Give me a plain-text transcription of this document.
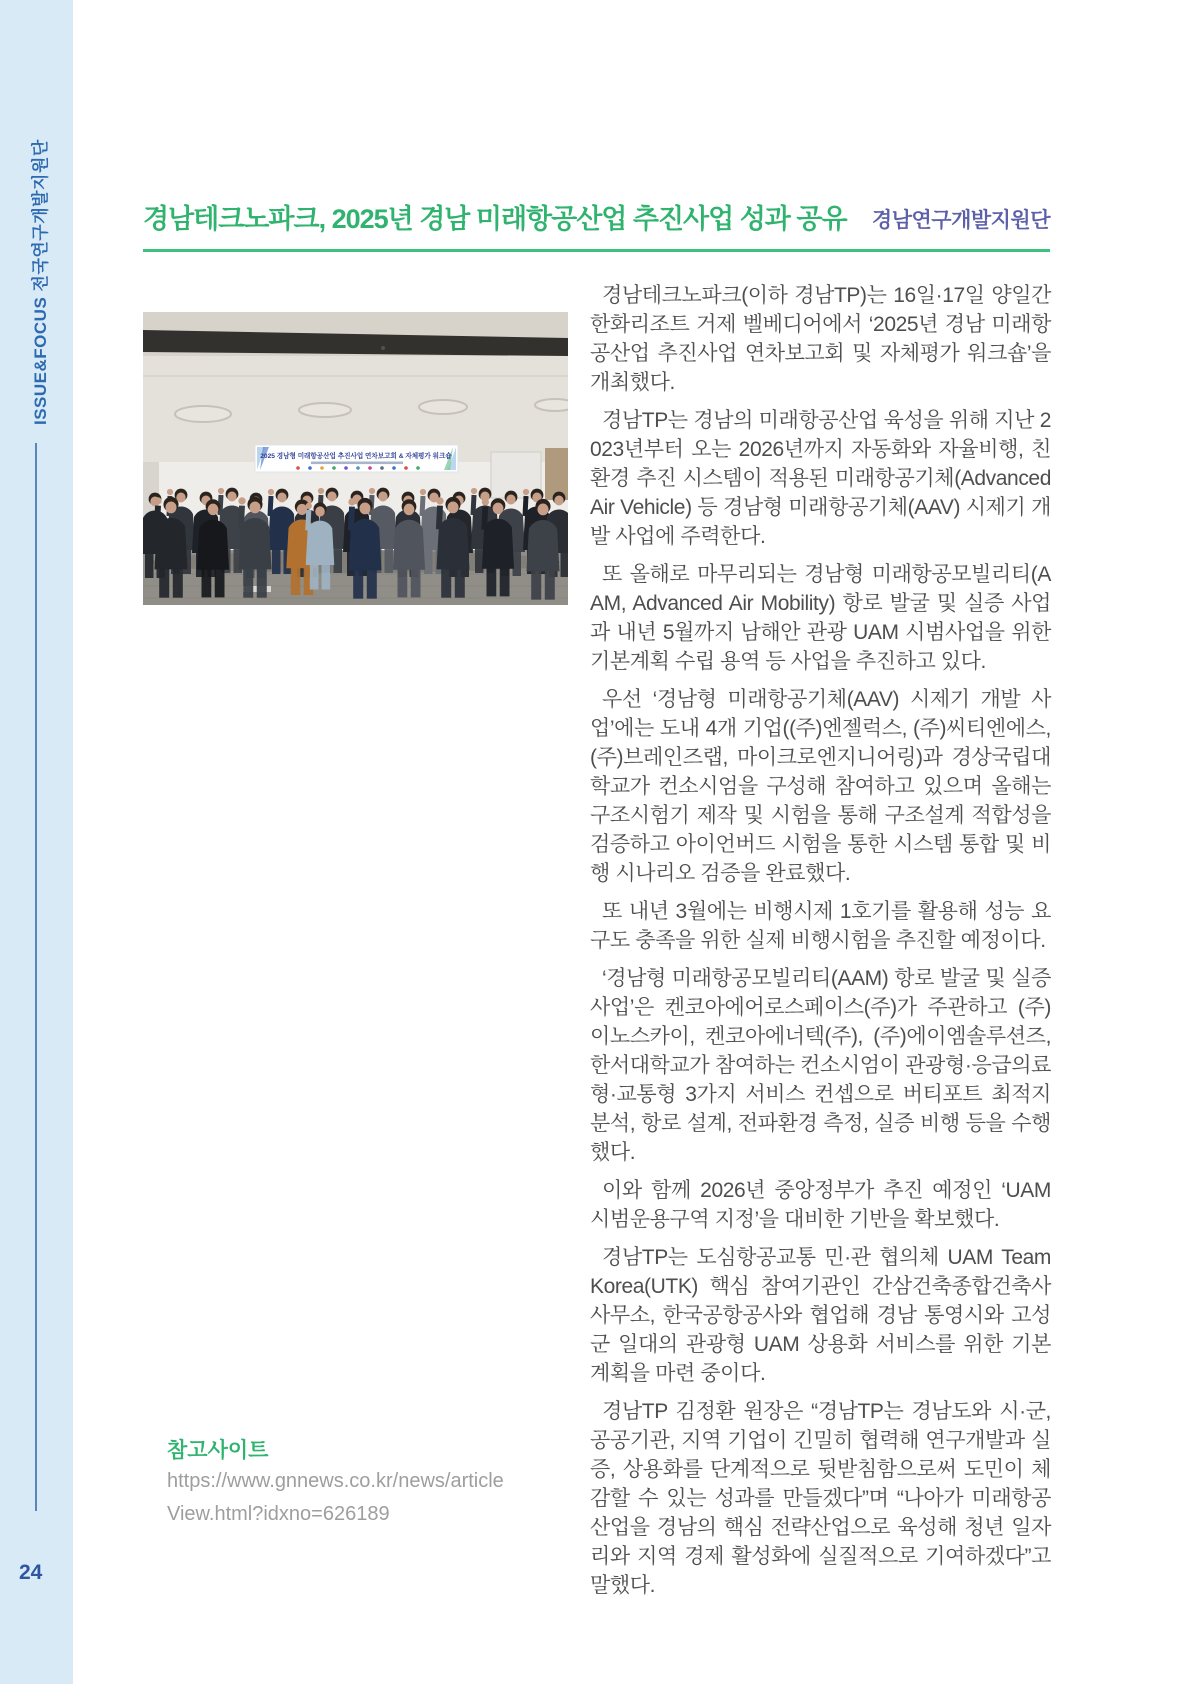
ISSUE&FOCUS 전국연구개발지원단
24
경남테크노파크, 2025년 경남 미래항공산업 추진사업 성과 공유 경남연구개발지원단
2025 경남형 미래항공산업 추진사업 연차보고회 & 자체평가 워크숍

경남테크노파크(이하 경남TP)는 16일·17일 양일간 한화리조트 거제 벨베디어에서 ‘2025년 경남 미래항공산업 추진사업 연차보고회 및 자체평가 워크숍’을 개최했다.

경남TP는 경남의 미래항공산업 육성을 위해 지난 2023년부터 오는 2026년까지 자동화와 자율비행, 친환경 추진 시스템이 적용된 미래항공기체(Advanced Air Vehicle) 등 경남형 미래항공기체(AAV) 시제기 개발 사업에 주력한다.

또 올해로 마무리되는 경남형 미래항공모빌리티(AAM, Advanced Air Mobility) 항로 발굴 및 실증 사업과 내년 5월까지 남해안 관광 UAM 시범사업을 위한 기본계획 수립 용역 등 사업을 추진하고 있다.

우선 ‘경남형 미래항공기체(AAV) 시제기 개발 사업’에는 도내 4개 기업((주)엔젤럭스, (주)씨티엔에스, (주)브레인즈랩, 마이크로엔지니어링)과 경상국립대학교가 컨소시엄을 구성해 참여하고 있으며 올해는 구조시험기 제작 및 시험을 통해 구조설계 적합성을 검증하고 아이언버드 시험을 통한 시스템 통합 및 비행 시나리오 검증을 완료했다.

또 내년 3월에는 비행시제 1호기를 활용해 성능 요구도 충족을 위한 실제 비행시험을 추진할 예정이다.

‘경남형 미래항공모빌리티(AAM) 항로 발굴 및 실증 사업’은 켄코아에어로스페이스(주)가 주관하고 (주)이노스카이, 켄코아에너텍(주), (주)에이엠솔루션즈, 한서대학교가 참여하는 컨소시엄이 관광형·응급의료형·교통형 3가지 서비스 컨셉으로 버티포트 최적지 분석, 항로 설계, 전파환경 측정, 실증 비행 등을 수행했다.

이와 함께 2026년 중앙정부가 추진 예정인 ‘UAM 시범운용구역 지정’을 대비한 기반을 확보했다.

경남TP는 도심항공교통 민·관 협의체 UAM Team Korea(UTK) 핵심 참여기관인 간삼건축종합건축사사무소, 한국공항공사와 협업해 경남 통영시와 고성군 일대의 관광형 UAM 상용화 서비스를 위한 기본계획을 마련 중이다.

경남TP 김정환 원장은 “경남TP는 경남도와 시·군, 공공기관, 지역 기업이 긴밀히 협력해 연구개발과 실증, 상용화를 단계적으로 뒷받침함으로써 도민이 체감할 수 있는 성과를 만들겠다”며 “나아가 미래항공산업을 경남의 핵심 전략산업으로 육성해 청년 일자리와 지역 경제 활성화에 실질적으로 기여하겠다”고 말했다.

참고사이트
https://www.gnnews.co.kr/news/article
View.html?idxno=626189
